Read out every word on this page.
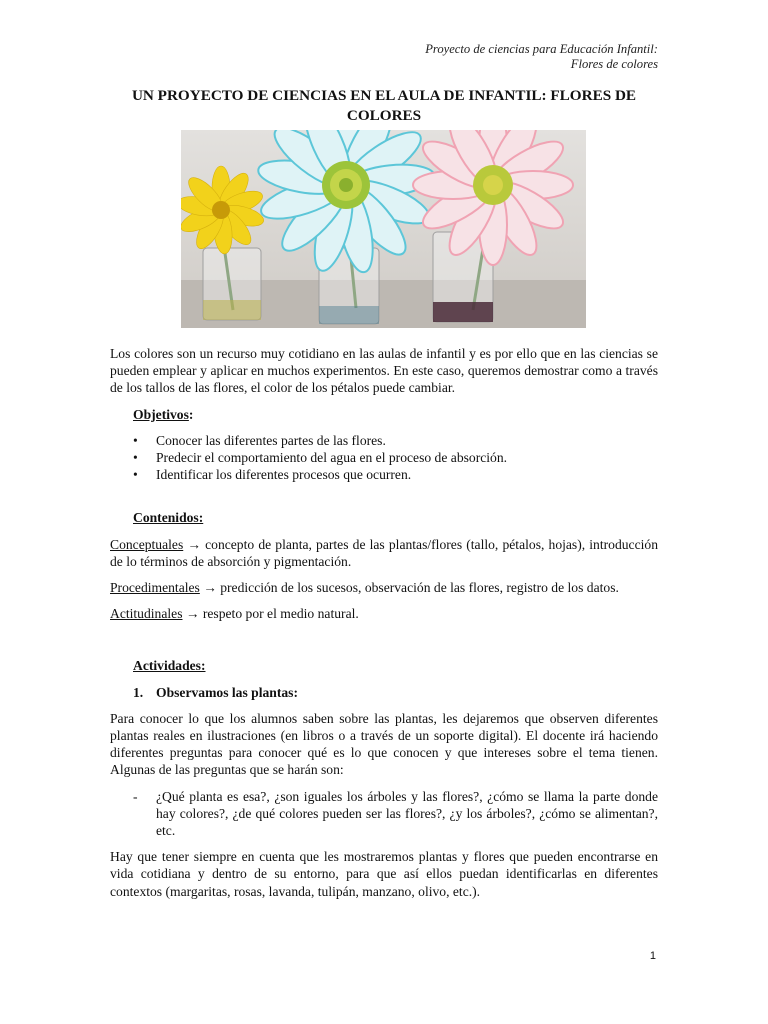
Proyecto de ciencias para Educación Infantil:
Flores de colores
UN PROYECTO DE CIENCIAS EN EL AULA DE INFANTIL: FLORES DE
COLORES

Los colores son un recurso muy cotidiano en las aulas de infantil y es por ello que en las ciencias se pueden emplear y aplicar en muchos experimentos. En este caso, queremos demostrar como a través de los tallos de las flores, el color de los pétalos puede cambiar.

Objetivos:
• Conocer las diferentes partes de las flores.
• Predecir el comportamiento del agua en el proceso de absorción.
• Identificar los diferentes procesos que ocurren.
Contenidos:

Conceptuales → concepto de planta, partes de las plantas/flores (tallo, pétalos, hojas), introducción de lo términos de absorción y pigmentación.

Procedimentales → predicción de los sucesos, observación de las flores, registro de los datos.

Actitudinales → respeto por el medio natural.

Actividades:
1. Observamos las plantas:

Para conocer lo que los alumnos saben sobre las plantas, les dejaremos que observen diferentes plantas reales en ilustraciones (en libros o a través de un soporte digital). El docente irá haciendo diferentes preguntas para conocer qué es lo que conocen y que intereses sobre el tema tienen. Algunas de las preguntas que se harán son:

- ¿Qué planta es esa?, ¿son iguales los árboles y las flores?, ¿cómo se llama la parte donde hay colores?, ¿de qué colores pueden ser las flores?, ¿y los árboles?, ¿cómo se alimentan?, etc.

Hay que tener siempre en cuenta que les mostraremos plantas y flores que pueden encontrarse en vida cotidiana y dentro de su entorno, para que así ellos puedan identificarlas en diferentes contextos (margaritas, rosas, lavanda, tulipán, manzano, olivo, etc.).

1
